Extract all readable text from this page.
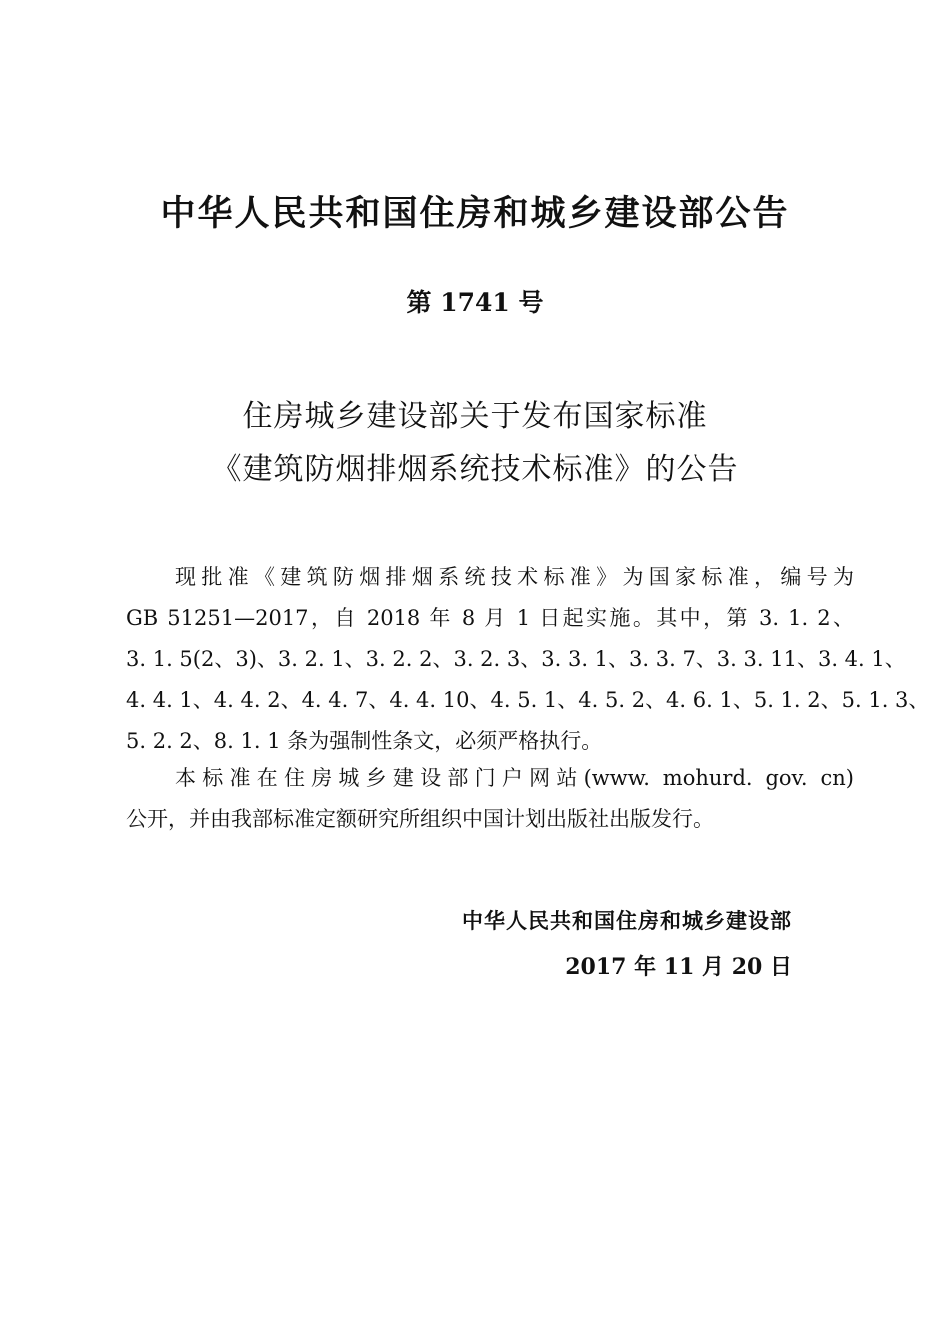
中华人民共和国住房和城乡建设部公告
第 1741 号
住房城乡建设部关于发布国家标准
《建筑防烟排烟系统技术标准》的公告
现批准《建筑防烟排烟系统技术标准》为国家标准，编号为
GB 51251—2017，自 2018 年 8 月 1 日起实施。其中，第 3. 1. 2、
3. 1. 5(2、3)、3. 2. 1、3. 2. 2、3. 2. 3、3. 3. 1、3. 3. 7、3. 3. 11、3. 4. 1、
4. 4. 1、4. 4. 2、4. 4. 7、4. 4. 10、4. 5. 1、4. 5. 2、4. 6. 1、5. 1. 2、5. 1. 3、
5. 2. 2、8. 1. 1 条为强制性条文，必须严格执行。
本标准在住房城乡建设部门户网站(www. mohurd. gov. cn)
公开，并由我部标准定额研究所组织中国计划出版社出版发行。
中华人民共和国住房和城乡建设部
2017 年 11 月 20 日
